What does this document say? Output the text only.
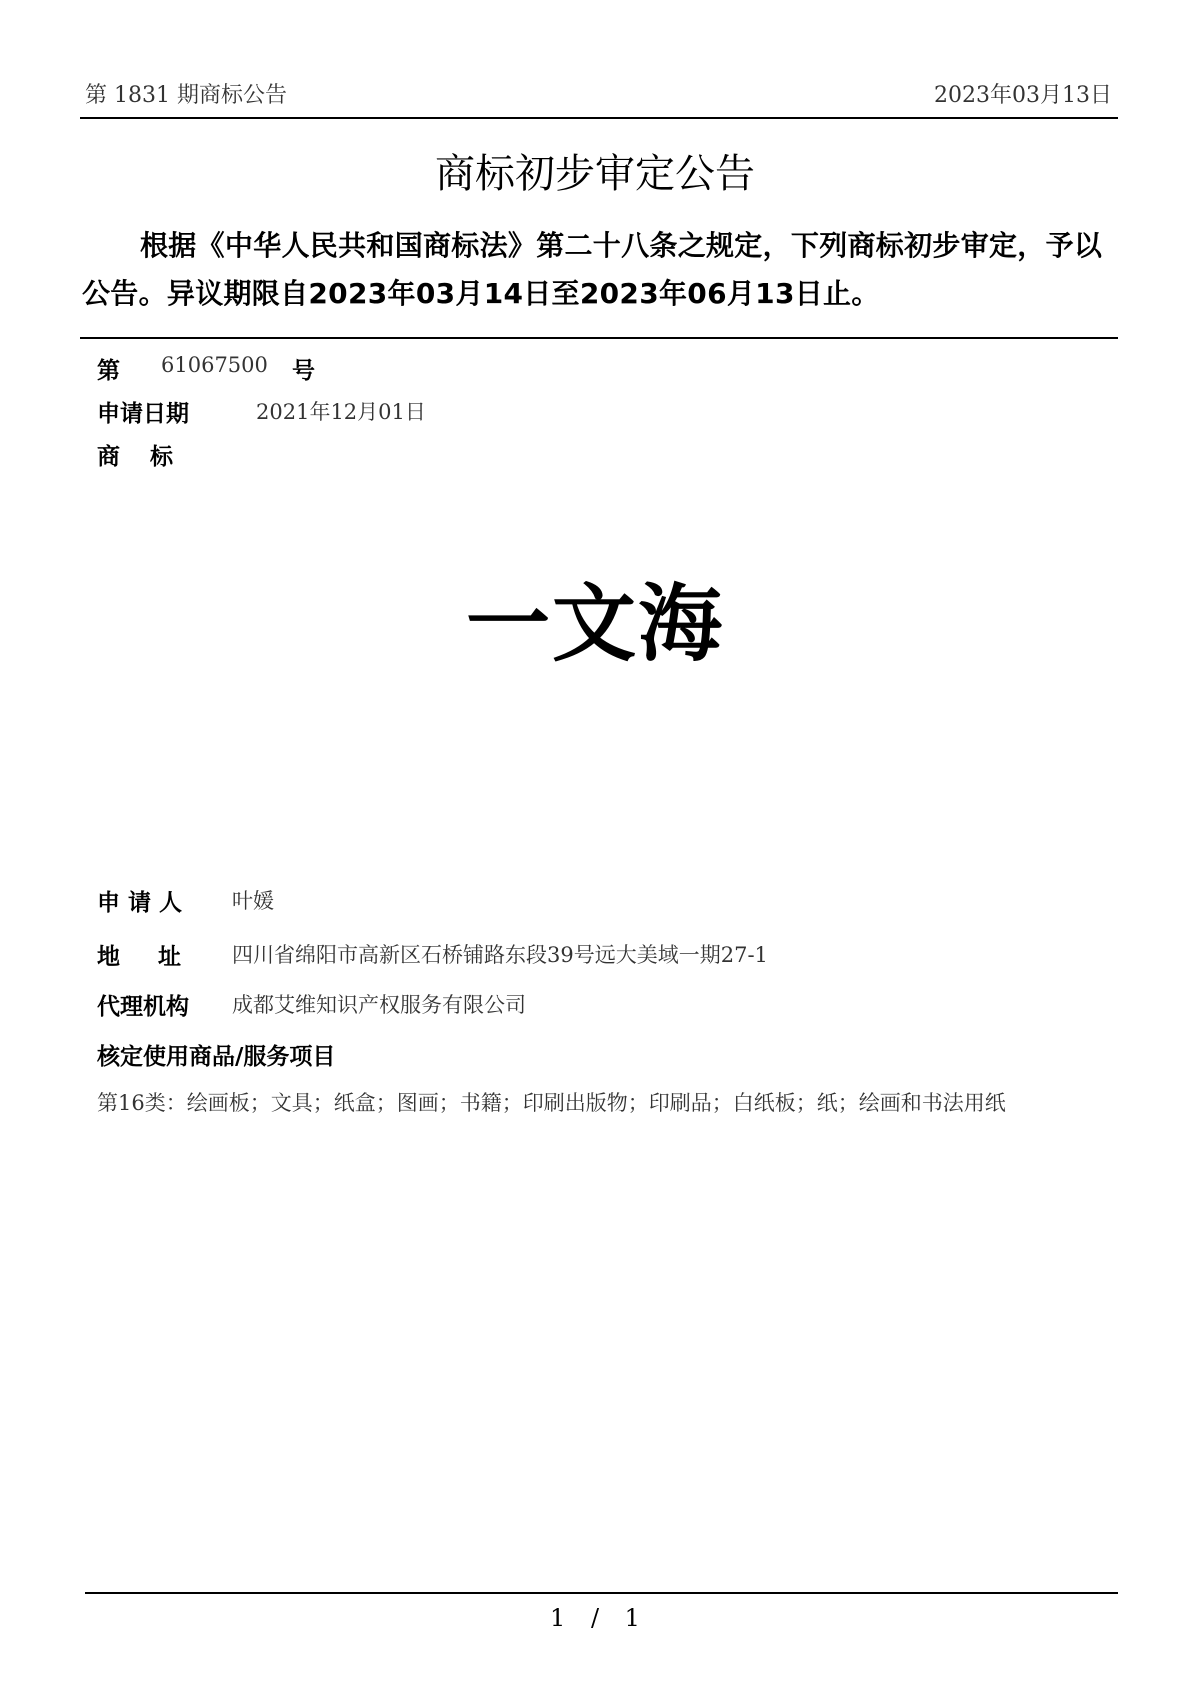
第 1831 期商标公告	2023年03月13日
商标初步审定公告
根据《中华人民共和国商标法》第二十八条之规定，下列商标初步审定，予以公告。异议期限自2023年03月14日至2023年06月13日止。
第 61067500 号
申请日期	2021年12月01日
商标
一文海
申请人 叶媛
地址 四川省绵阳市高新区石桥铺路东段39号远大美域一期27-1
代理机构 成都艾维知识产权服务有限公司
核定使用商品/服务项目
第16类：绘画板；文具；纸盒；图画；书籍；印刷出版物；印刷品；白纸板；纸；绘画和书法用纸
1 / 1
